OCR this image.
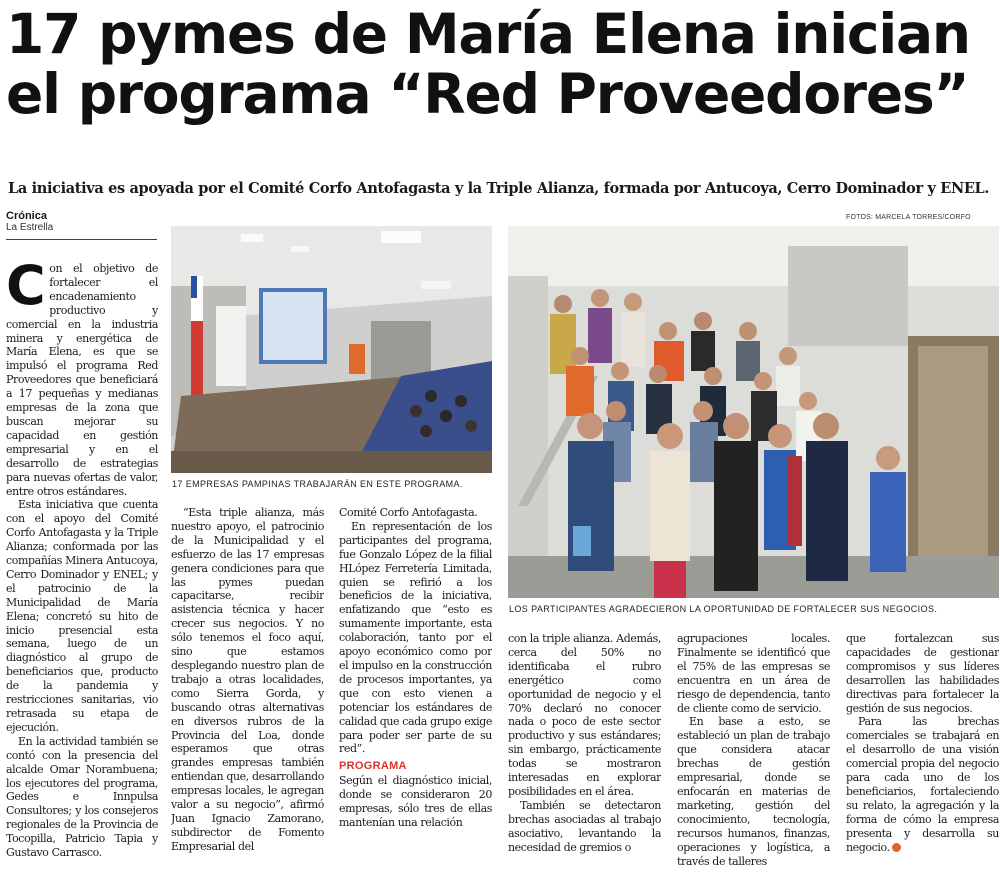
17 pymes de María Elena inician el programa “Red Proveedores”
La iniciativa es apoyada por el Comité Corfo Antofagasta y la Triple Alianza, formada por Antucoya, Cerro Dominador y ENEL.
Crónica
La Estrella
FOTOS: MARCELA TORRES/CORFO
17 EMPRESAS PAMPINAS TRABAJARÁN EN ESTE PROGRAMA.
LOS PARTICIPANTES AGRADECIERON LA OPORTUNIDAD DE FORTALECER SUS NEGOCIOS.

Con el objetivo de fortalecer el encadenamiento productivo y comercial en la industria minera y energética de María Elena, es que se impulsó el programa Red Proveedores que beneficiará a 17 pequeñas y medianas empresas de la zona que buscan mejorar su capacidad en gestión empresarial y en el desarrollo de estrategias para nuevas ofertas de valor, entre otros estándares.

Esta iniciativa que cuenta con el apoyo del Comité Corfo Antofagasta y la Triple Alianza; conformada por las compañías Minera Antucoya, Cerro Dominador y ENEL; y el patrocinio de la Municipalidad de María Elena; concretó su hito de inicio presencial esta semana, luego de un diagnóstico al grupo de beneficiarios que, producto de la pandemia y restricciones sanitarias, vio retrasada su etapa de ejecución.

En la actividad también se contó con la presencia del alcalde Omar Norambuena; los ejecutores del programa, Gedes e Innpulsa Consultores; y los consejeros regionales de la Provincia de Tocopilla, Patricio Tapia y Gustavo Carrasco.

“Esta triple alianza, más nuestro apoyo, el patrocinio de la Municipalidad y el esfuerzo de las 17 empresas genera condiciones para que las pymes puedan capacitarse, recibir asistencia técnica y hacer crecer sus negocios. Y no sólo tenemos el foco aquí, sino que estamos desplegando nuestro plan de trabajo a otras localidades, como Sierra Gorda, y buscando otras alternativas en diversos rubros de la Provincia del Loa, donde esperamos que otras grandes empresas también entiendan que, desarrollando empresas locales, le agregan valor a su negocio”, afirmó Juan Ignacio Zamorano, subdirector de Fomento Empresarial del

Comité Corfo Antofagasta.

En representación de los participantes del programa, fue Gonzalo López de la filial HLópez Ferretería Limitada, quien se refirió a los beneficios de la iniciativa, enfatizando que “esto es sumamente importante, esta colaboración, tanto por el apoyo económico como por el impulso en la construcción de procesos importantes, ya que con esto vienen a potenciar los estándares de calidad que cada grupo exige para poder ser parte de su red”.

PROGRAMA

Según el diagnóstico inicial, donde se consideraron 20 empresas, sólo tres de ellas mantenían una relación

con la triple alianza. Además, cerca del 50% no identificaba el rubro energético como oportunidad de negocio y el 70% declaró no conocer nada o poco de este sector productivo y sus estándares; sin embargo, prácticamente todas se mostraron interesadas en explorar posibilidades en el área.

También se detectaron brechas asociadas al trabajo asociativo, levantando la necesidad de gremios o

agrupaciones locales. Finalmente se identificó que el 75% de las empresas se encuentra en un área de riesgo de dependencia, tanto de cliente como de servicio.

En base a esto, se estableció un plan de trabajo que considera atacar brechas de gestión empresarial, donde se enfocarán en materias de marketing, gestión del conocimiento, tecnología, recursos humanos, finanzas, operaciones y logística, a través de talleres

que fortalezcan sus capacidades de gestionar compromisos y sus líderes desarrollen las habilidades directivas para fortalecer la gestión de sus negocios.

Para las brechas comerciales se trabajará en el desarrollo de una visión comercial propia del negocio para cada uno de los beneficiarios, fortaleciendo su relato, la agregación y la forma de cómo la empresa presenta y desarrolla su negocio.
